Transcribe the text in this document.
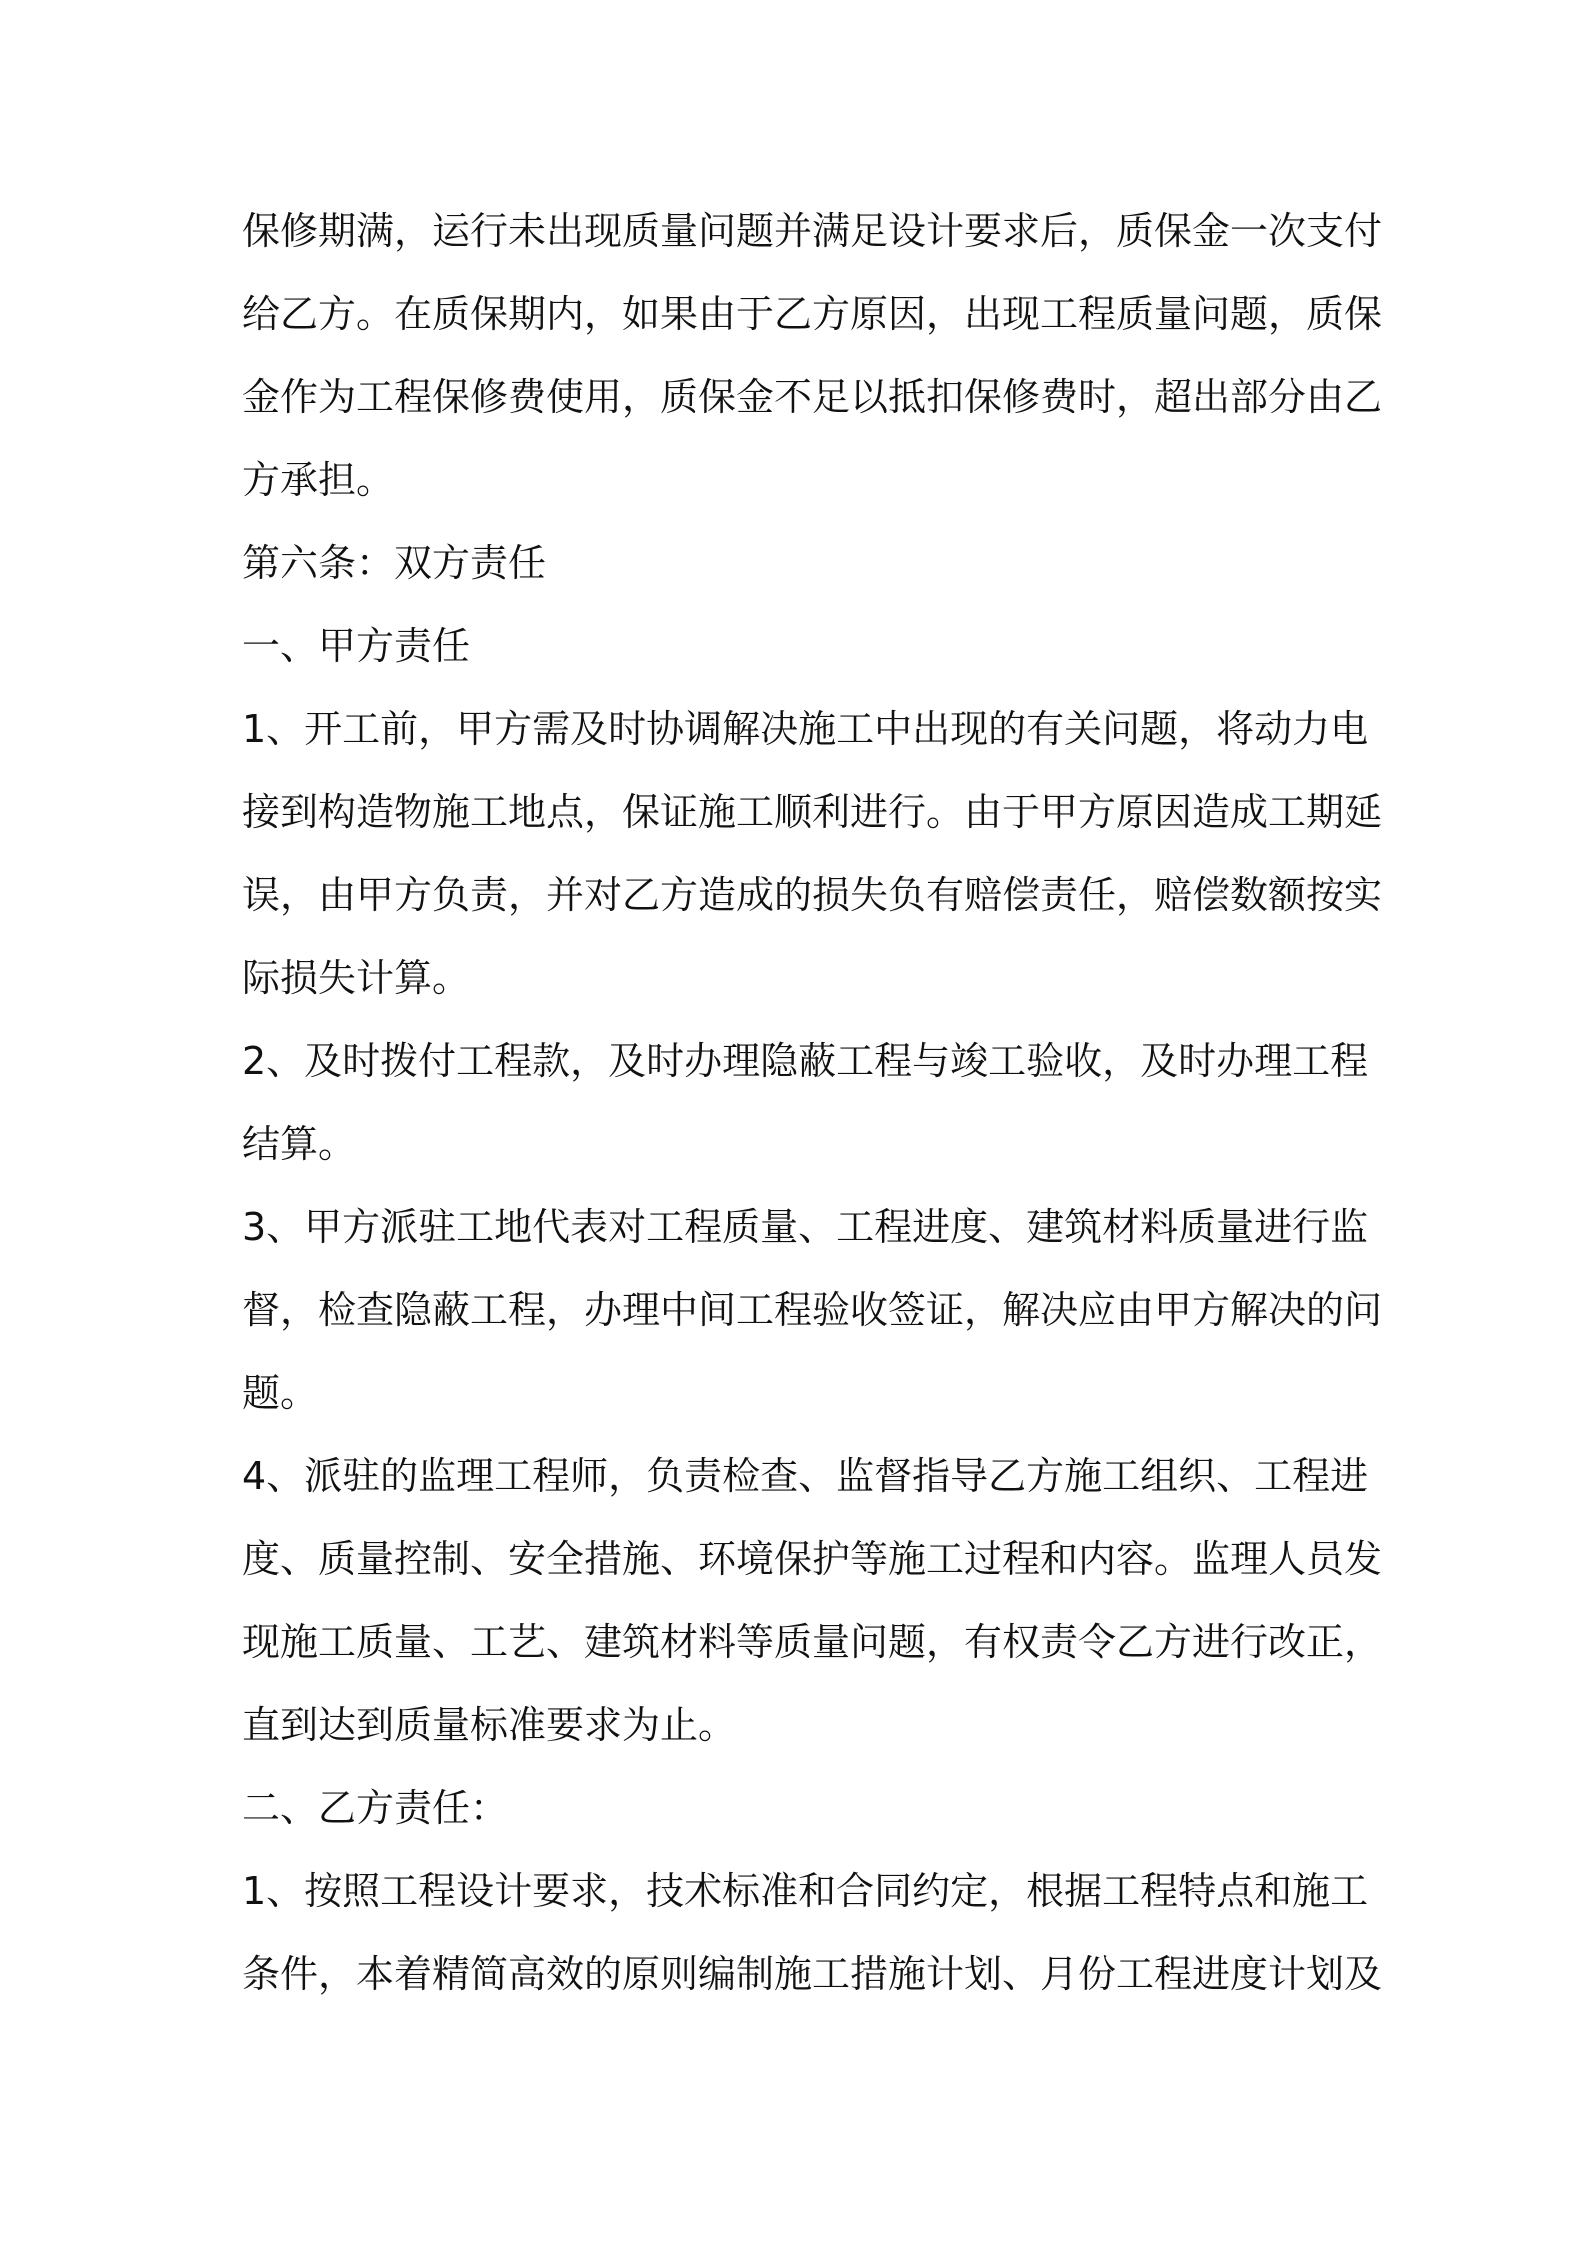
保修期满，运行未出现质量问题并满足设计要求后，质保金一次支付
给乙方。在质保期内，如果由于乙方原因，出现工程质量问题，质保
金作为工程保修费使用，质保金不足以抵扣保修费时，超出部分由乙
方承担。
第六条：双方责任
一、甲方责任
1、开工前，甲方需及时协调解决施工中出现的有关问题，将动力电
接到构造物施工地点，保证施工顺利进行。由于甲方原因造成工期延
误，由甲方负责，并对乙方造成的损失负有赔偿责任，赔偿数额按实
际损失计算。
2、及时拨付工程款，及时办理隐蔽工程与竣工验收，及时办理工程
结算。
3、甲方派驻工地代表对工程质量、工程进度、建筑材料质量进行监
督，检查隐蔽工程，办理中间工程验收签证，解决应由甲方解决的问
题。
4、派驻的监理工程师，负责检查、监督指导乙方施工组织、工程进
度、质量控制、安全措施、环境保护等施工过程和内容。监理人员发
现施工质量、工艺、建筑材料等质量问题，有权责令乙方进行改正，
直到达到质量标准要求为止。
二、乙方责任：
1、按照工程设计要求，技术标准和合同约定，根据工程特点和施工
条件，本着精简高效的原则编制施工措施计划、月份工程进度计划及
